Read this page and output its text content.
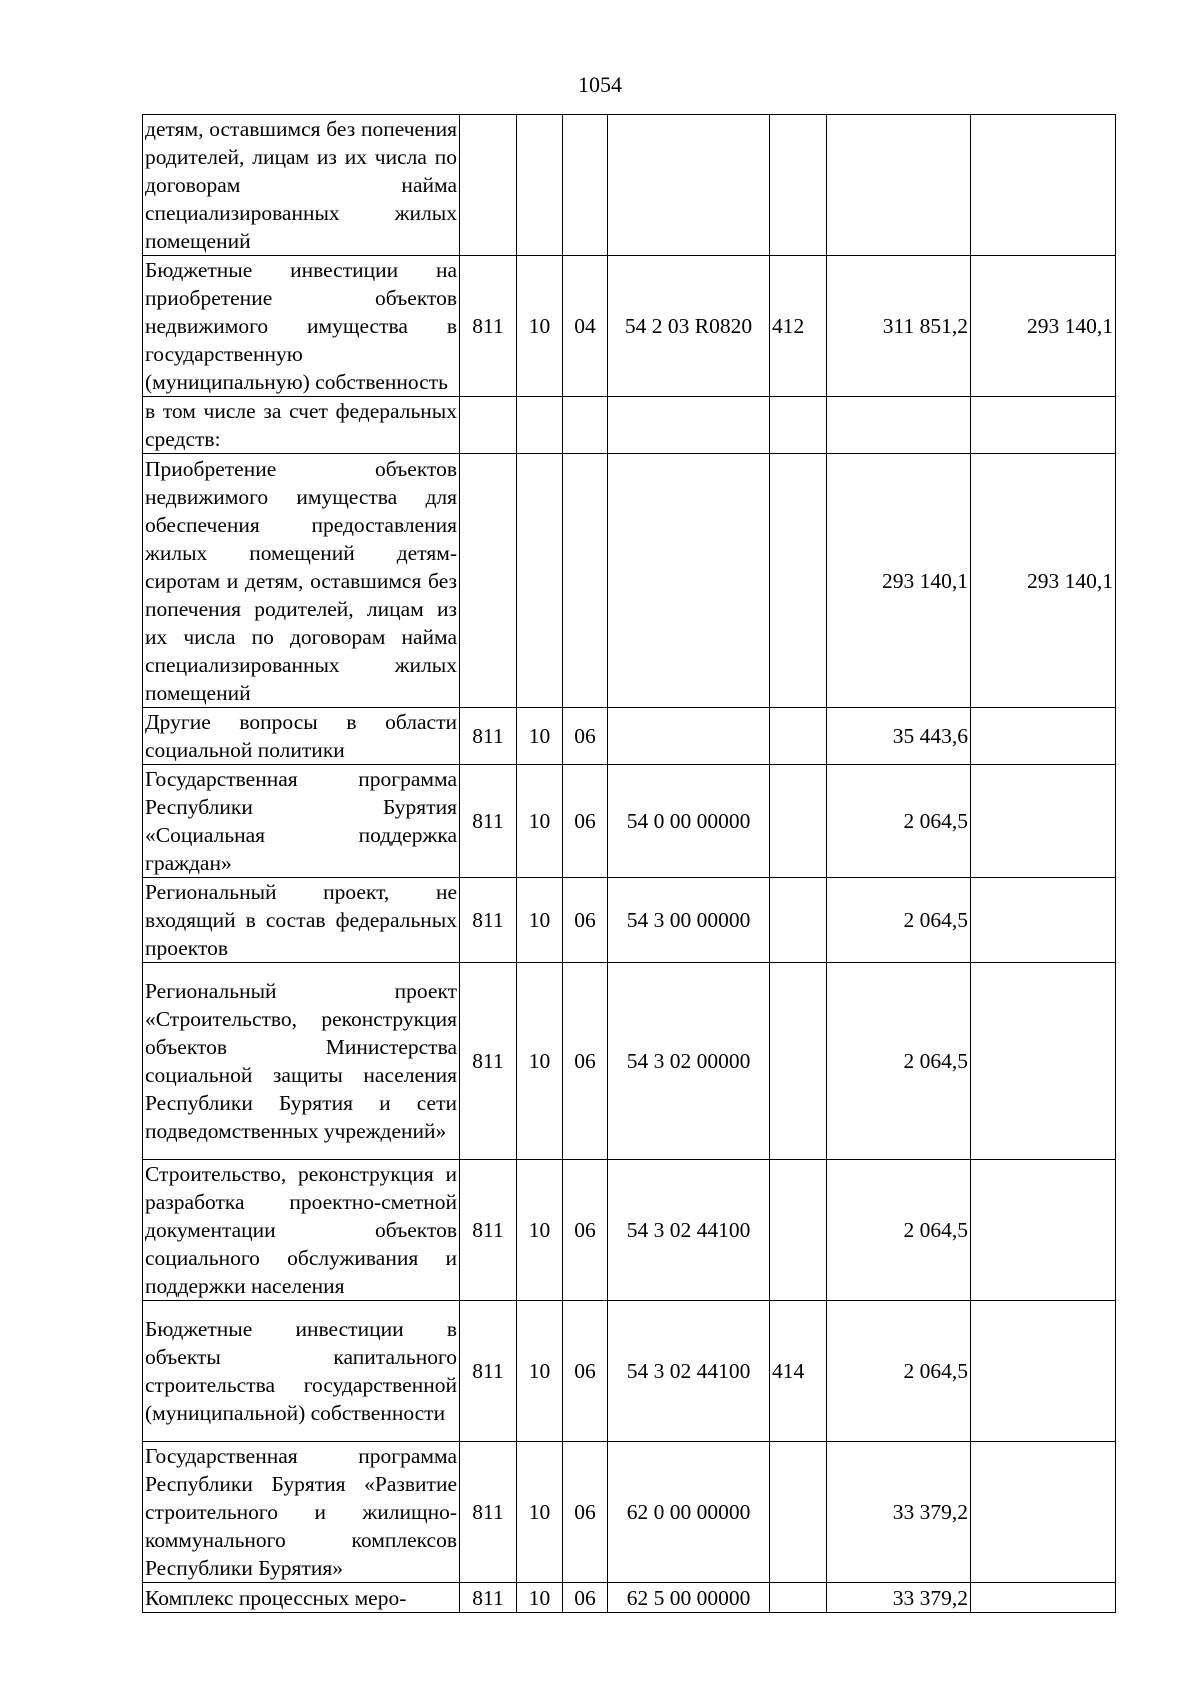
1054
детям, оставшимся без попечения родителей, лицам из их числа по договорам найма специализированных жилых помещений							
Бюджетные инвестиции на приобретение объектов недвижимого имущества в государственную (муниципальную) собственность	811	10	04	54 2 03 R0820	412	311 851,2	293 140,1
в том числе за счет федеральных средств:							
Приобретение объектов недвижимого имущества для обеспечения предоставления жилых помещений детям-сиротам и детям, оставшимся без попечения родителей, лицам из их числа по договорам найма специализированных жилых помещений						293 140,1	293 140,1
Другие вопросы в области социальной политики	811	10	06			35 443,6	
Государственная программа Республики Бурятия «Социальная поддержка граждан»	811	10	06	54 0 00 00000		2 064,5	
Региональный проект, не входящий в состав федеральных проектов	811	10	06	54 3 00 00000		2 064,5	
Региональный проект «Строительство, реконструкция объектов Министерства социальной защиты населения Республики Бурятия и сети подведомственных учреждений»	811	10	06	54 3 02 00000		2 064,5	
Строительство, реконструкция и разработка проектно-сметной документации объектов социального обслуживания и поддержки населения	811	10	06	54 3 02 44100		2 064,5	
Бюджетные инвестиции в объекты капитального строительства государственной (муниципальной) собственности	811	10	06	54 3 02 44100	414	2 064,5	
Государственная программа Республики Бурятия «Развитие строительного и жилищно-коммунального комплексов Республики Бурятия»	811	10	06	62 0 00 00000		33 379,2	
Комплекс процессных меро-	811	10	06	62 5 00 00000		33 379,2	
